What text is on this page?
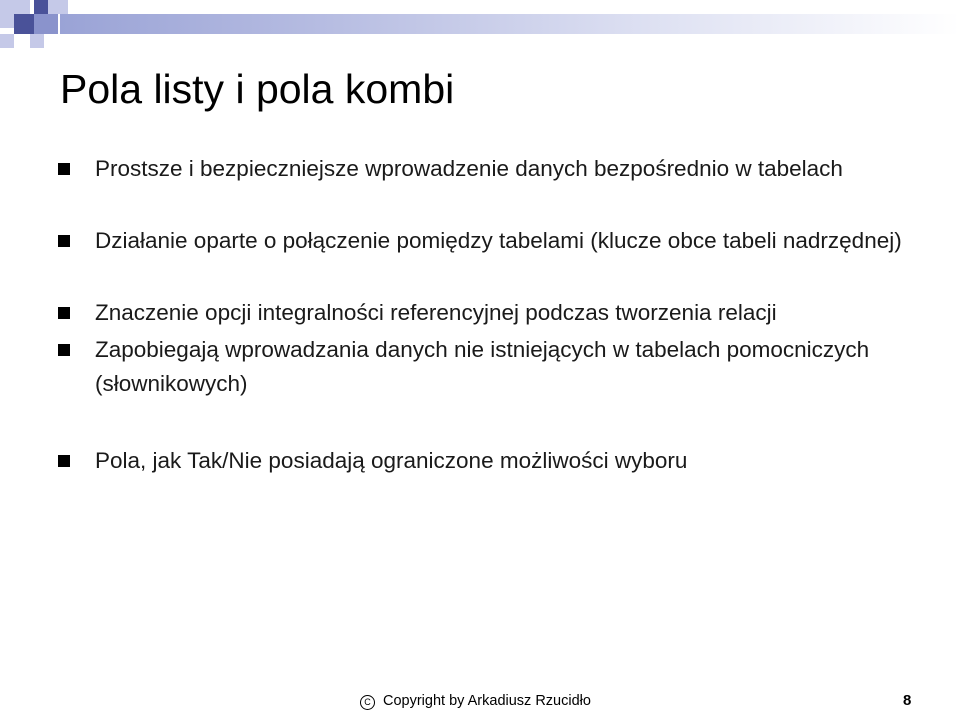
Pola listy i pola kombi
Prostsze i bezpieczniejsze wprowadzenie danych bezpośrednio w tabelach
Działanie oparte o połączenie pomiędzy tabelami (klucze obce tabeli nadrzędnej)
Znaczenie opcji integralności referencyjnej podczas tworzenia relacji
Zapobiegają wprowadzania danych nie istniejących w tabelach pomocniczych (słownikowych)
Pola, jak Tak/Nie posiadają ograniczone możliwości wyboru
C Copyright by Arkadiusz Rzucidło	8
